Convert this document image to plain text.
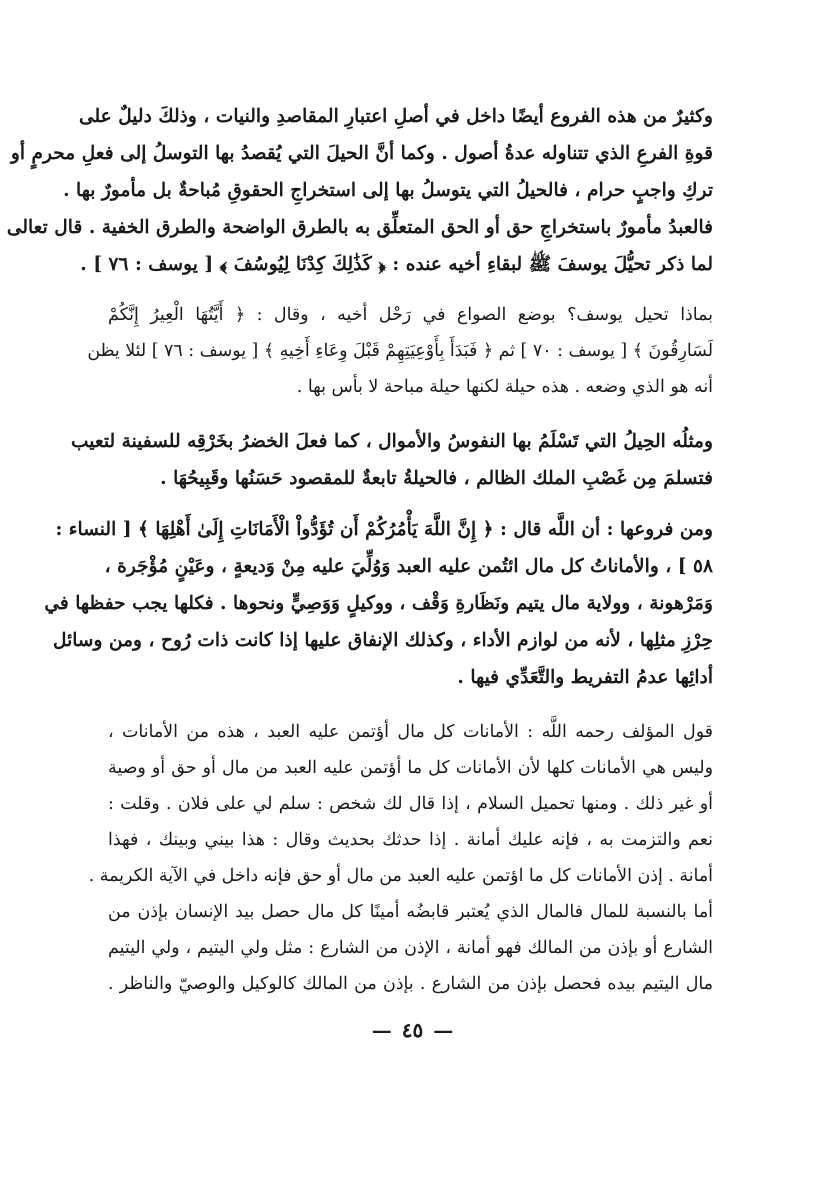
وكثيرٌ من هذه الفروع أيضًا داخل في أصلِ اعتبارِ المقاصدِ والنيات ، وذلكَ دليلٌ على
قوةِ الفرعِ الذي تتناوله عدةُ أصول . وكما أنَّ الحيلَ التي يُقصدُ بها التوسلُ إلى فعلِ محرمٍ أو
تركِ واجبٍ حرام ، فالحيلُ التي يتوسلُ بها إلى استخراجِ الحقوقِ مُباحةٌ بل مأمورٌ بها .
فالعبدُ مأمورٌ باستخراجِ حق أو الحق المتعلِّق به بالطرق الواضحة والطرق الخفية . قال تعالى
لما ذكر تحيُّلَ يوسفَ ﷺ لبقاءِ أخيه عنده : ﴿ كَذَٰلِكَ كِدْنَا لِيُوسُفَ ﴾ [ يوسف : ٧٦ ] .
بماذا تحيل يوسف؟ بوضع الصواع في رَحْل أخيه ، وقال : ﴿ أَيَّتُهَا الْعِيرُ إِنَّكُمْ
لَسَارِقُونَ ﴾ [ يوسف : ٧٠ ] ثم ﴿ فَبَدَأَ بِأَوْعِيَتِهِمْ قَبْلَ وِعَاءِ أَخِيهِ ﴾ [ يوسف : ٧٦ ] لئلا يظن
أنه هو الذي وضعه . هذه حيلة لكنها حيلة مباحة لا بأس بها .
ومثلُه الحِيلُ التي تَسْلَمُ بها النفوسُ والأموال ، كما فعلَ الخضرُ بخَرْقِه للسفينة لتعيب
فتسلمَ مِن غَصْبِ الملك الظالم ، فالحيلةُ تابعةٌ للمقصود حَسَنُها وقَبِيحُهَا .
ومن فروعها : أن اللَّه قال : ﴿ إِنَّ اللَّهَ يَأْمُرُكُمْ أَن تُؤَدُّواْ الْأَمَانَاتِ إِلَىٰ أَهْلِهَا ﴾ [ النساء :
٥٨ ] ، والأماناتُ كل مال ائتُمن عليه العبد وَوُلِّيَ عليه مِنْ وَديعةٍ ، وعَيْنٍ مُؤْجَرة ،
وَمَرْهونة ، وولاية مال يتيم ونَظَارةِ وَقْف ، ووكيلٍ وَوَصِيٍّ ونحوها . فكلها يجب حفظها في
حِرْزِ مثلِها ، لأنه من لوازم الأداء ، وكذلك الإنفاق عليها إذا كانت ذات رُوح ، ومن وسائل
أدائِها عدمُ التفريط والتَّعَدِّي فيها .
قول المؤلف رحمه اللَّه : الأمانات كل مال أؤتمن عليه العبد ، هذه من الأمانات ،
وليس هي الأمانات كلها لأن الأمانات كل ما أؤتمن عليه العبد من مال أو حق أو وصية
أو غير ذلك . ومنها تحميل السلام ، إذا قال لك شخص : سلم لي على فلان . وقلت :
نعم والتزمت به ، فإنه عليك أمانة . إذا حدثك بحديث وقال : هذا بيني وبينك ، فهذا
أمانة . إذن الأمانات كل ما اؤتمن عليه العبد من مال أو حق فإنه داخل في الآية الكريمة .
أما بالنسبة للمال فالمال الذي يُعتبر قابضُه أمينًا كل مال حصل بيد الإنسان بإذن من
الشارع أو بإذن من المالك فهو أمانة ، الإذن من الشارع : مثل ولي اليتيم ، ولي اليتيم
مال اليتيم بيده فحصل بإذن من الشارع . بإذن من المالك كالوكيل والوصيّ والناظر .
—٤٥—
